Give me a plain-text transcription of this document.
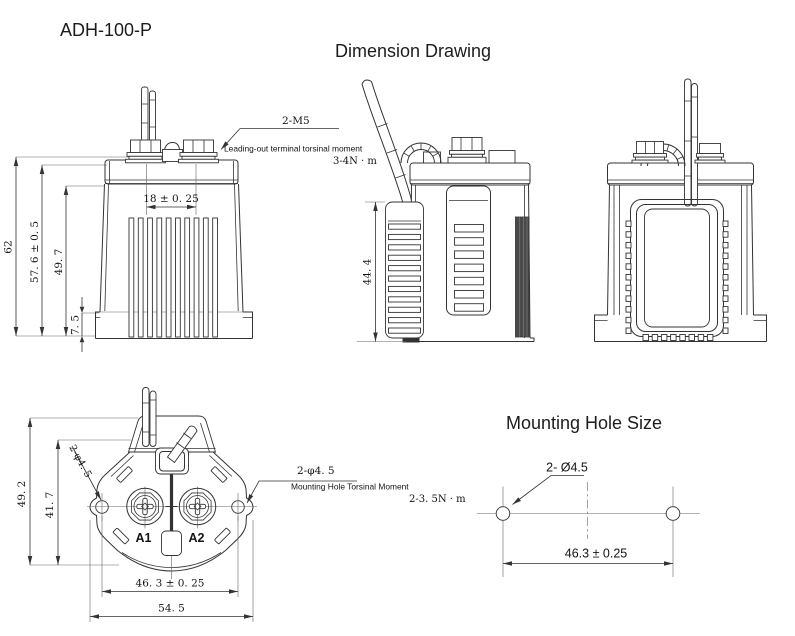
ADH-100-P
Dimension Drawing
62 57. 6 ± 0. 5 49. 7
7. 5
18 ± 0. 25
2-M5
Leading-out terminal torsinal moment
3-4N · m
44. 4
49. 2 41. 7
2-φ4. 5
A1	A2
2-φ4. 5
Mounting Hole Torsinal Moment
2-3. 5N · m
46. 3 ± 0. 25
54. 5
Mounting Hole Size
2- Ø4.5
46.3 ± 0.25
